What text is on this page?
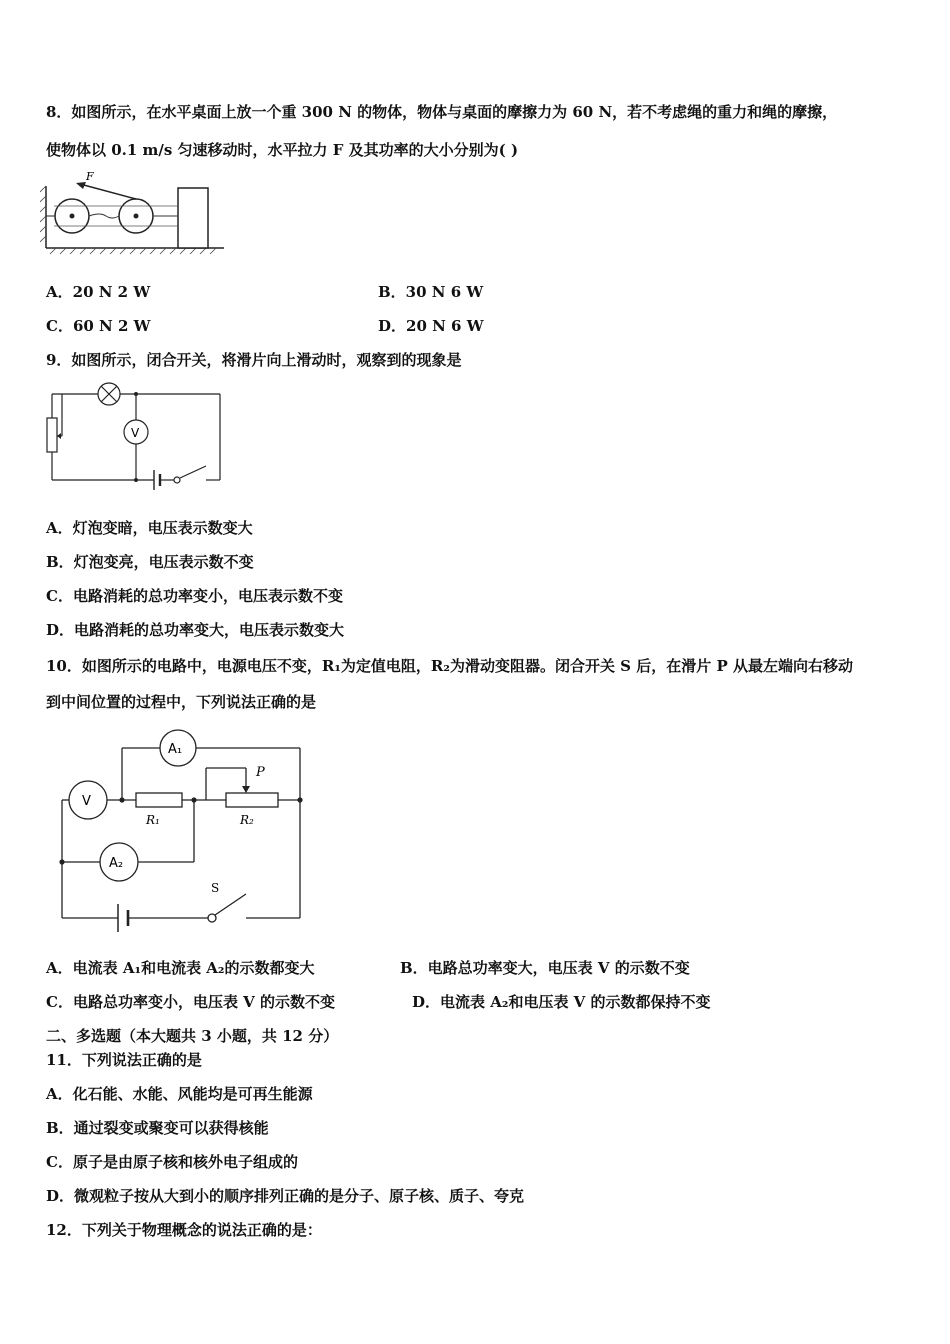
8．如图所示，在水平桌面上放一个重 300 N 的物体，物体与桌面的摩擦力为 60 N，若不考虑绳的重力和绳的摩擦，
使物体以 0.1 m/s 匀速移动时，水平拉力 F 及其功率的大小分别为( )
F
A．20 N 2 W	B．30 N 6 W
C．60 N 2 W	D．20 N 6 W
9．如图所示，闭合开关，将滑片向上滑动时，观察到的现象是
V
A．灯泡变暗，电压表示数变大
B．灯泡变亮，电压表示数不变
C．电路消耗的总功率变小，电压表示数不变
D．电路消耗的总功率变大，电压表示数变大
10．如图所示的电路中，电源电压不变，R₁为定值电阻，R₂为滑动变阻器。闭合开关 S 后，在滑片 P 从最左端向右移动
到中间位置的过程中，下列说法正确的是
A₁
V
R₁
P
R₂
A₂
S
A．电流表 A₁和电流表 A₂的示数都变大	B．电路总功率变大，电压表 V 的示数不变
C．电路总功率变小，电压表 V 的示数不变	D．电流表 A₂和电压表 V 的示数都保持不变
二、多选题（本大题共 3 小题，共 12 分）
11．下列说法正确的是
A．化石能、水能、风能均是可再生能源
B．通过裂变或聚变可以获得核能
C．原子是由原子核和核外电子组成的
D．微观粒子按从大到小的顺序排列正确的是分子、原子核、质子、夸克
12．下列关于物理概念的说法正确的是：
